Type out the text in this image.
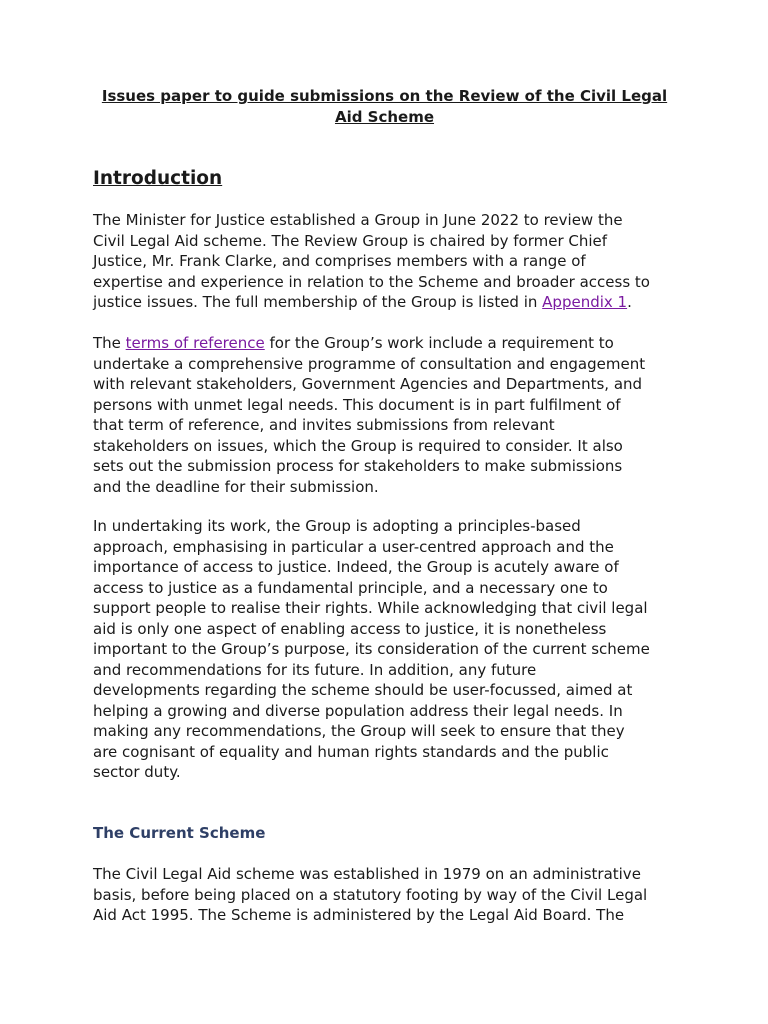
Issues paper to guide submissions on the Review of the Civil Legal
Aid Scheme
Introduction

The Minister for Justice established a Group in June 2022 to review the
Civil Legal Aid scheme. The Review Group is chaired by former Chief
Justice, Mr. Frank Clarke, and comprises members with a range of
expertise and experience in relation to the Scheme and broader access to
justice issues. The full membership of the Group is listed in Appendix 1.

The terms of reference for the Group’s work include a requirement to
undertake a comprehensive programme of consultation and engagement
with relevant stakeholders, Government Agencies and Departments, and
persons with unmet legal needs. This document is in part fulfilment of
that term of reference, and invites submissions from relevant
stakeholders on issues, which the Group is required to consider. It also
sets out the submission process for stakeholders to make submissions
and the deadline for their submission.

In undertaking its work, the Group is adopting a principles-based
approach, emphasising in particular a user-centred approach and the
importance of access to justice. Indeed, the Group is acutely aware of
access to justice as a fundamental principle, and a necessary one to
support people to realise their rights. While acknowledging that civil legal
aid is only one aspect of enabling access to justice, it is nonetheless
important to the Group’s purpose, its consideration of the current scheme
and recommendations for its future. In addition, any future
developments regarding the scheme should be user-focussed, aimed at
helping a growing and diverse population address their legal needs. In
making any recommendations, the Group will seek to ensure that they
are cognisant of equality and human rights standards and the public
sector duty.

The Current Scheme

The Civil Legal Aid scheme was established in 1979 on an administrative
basis, before being placed on a statutory footing by way of the Civil Legal
Aid Act 1995. The Scheme is administered by the Legal Aid Board. The
